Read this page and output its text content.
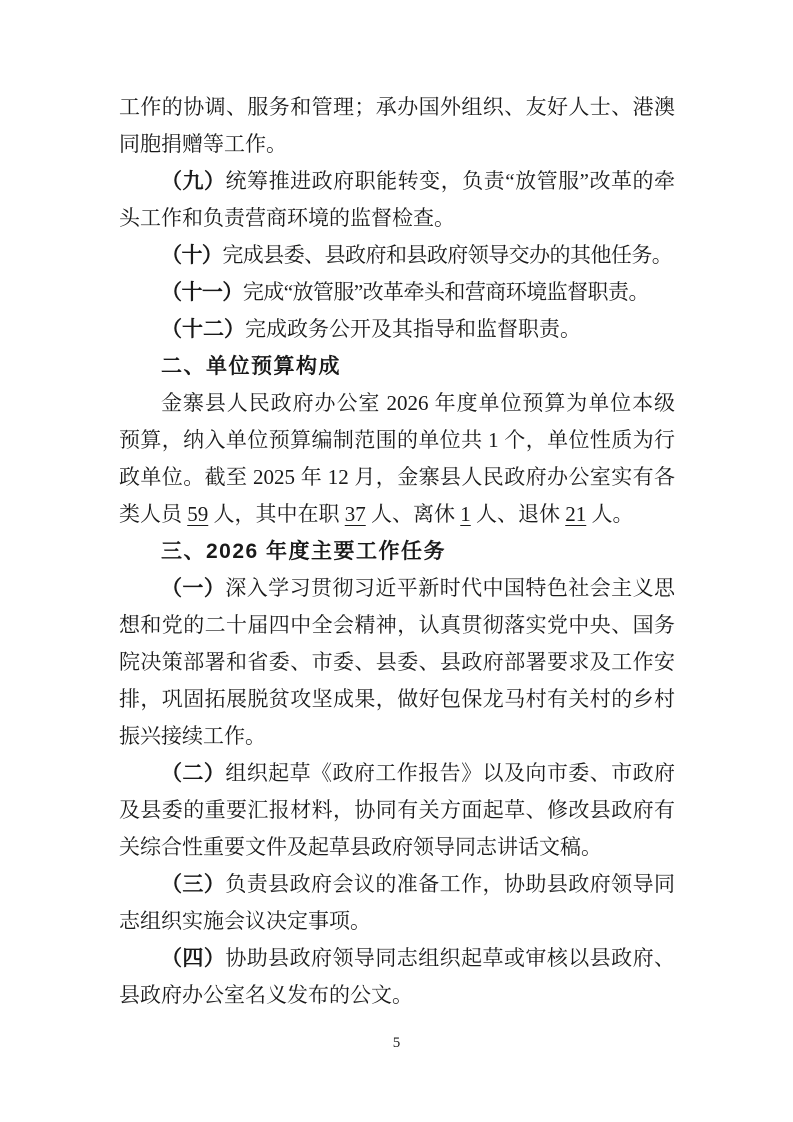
工作的协调、服务和管理；承办国外组织、友好人士、港澳同胞捐赠等工作。

（九）统筹推进政府职能转变，负责“放管服”改革的牵头工作和负责营商环境的监督检查。

（十）完成县委、县政府和县政府领导交办的其他任务。

（十一）完成“放管服”改革牵头和营商环境监督职责。

（十二）完成政务公开及其指导和监督职责。

二、单位预算构成

金寨县人民政府办公室 2026 年度单位预算为单位本级预算，纳入单位预算编制范围的单位共 1 个，单位性质为行政单位。截至 2025 年 12 月，金寨县人民政府办公室实有各类人员 59 人，其中在职 37 人、离休 1 人、退休 21 人。

三、2026 年度主要工作任务

（一）深入学习贯彻习近平新时代中国特色社会主义思想和党的二十届四中全会精神，认真贯彻落实党中央、国务院决策部署和省委、市委、县委、县政府部署要求及工作安排，巩固拓展脱贫攻坚成果，做好包保龙马村有关村的乡村振兴接续工作。

（二）组织起草《政府工作报告》以及向市委、市政府及县委的重要汇报材料，协同有关方面起草、修改县政府有关综合性重要文件及起草县政府领导同志讲话文稿。

（三）负责县政府会议的准备工作，协助县政府领导同志组织实施会议决定事项。

（四）协助县政府领导同志组织起草或审核以县政府、县政府办公室名义发布的公文。

5
